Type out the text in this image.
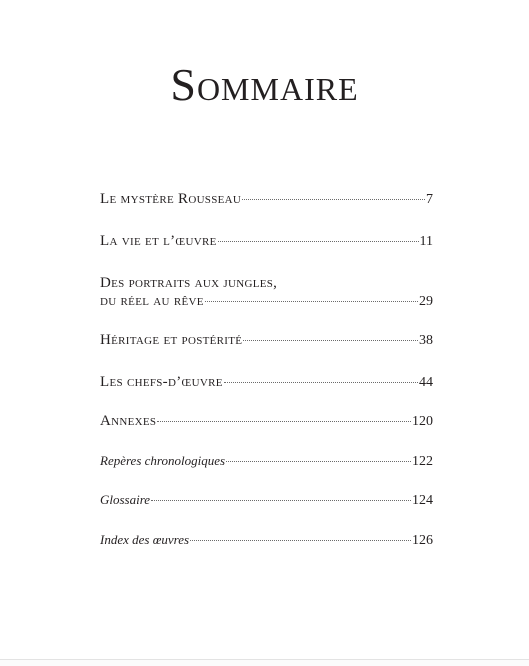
Sommaire
Le mystère Rousseau	7
La vie et l’œuvre	11
Des portraits aux jungles,
du réel au rêve	29
Héritage et postérité	38
Les chefs-d’œuvre	44
Annexes	120
Repères chronologiques	122
Glossaire	124
Index des œuvres	126
